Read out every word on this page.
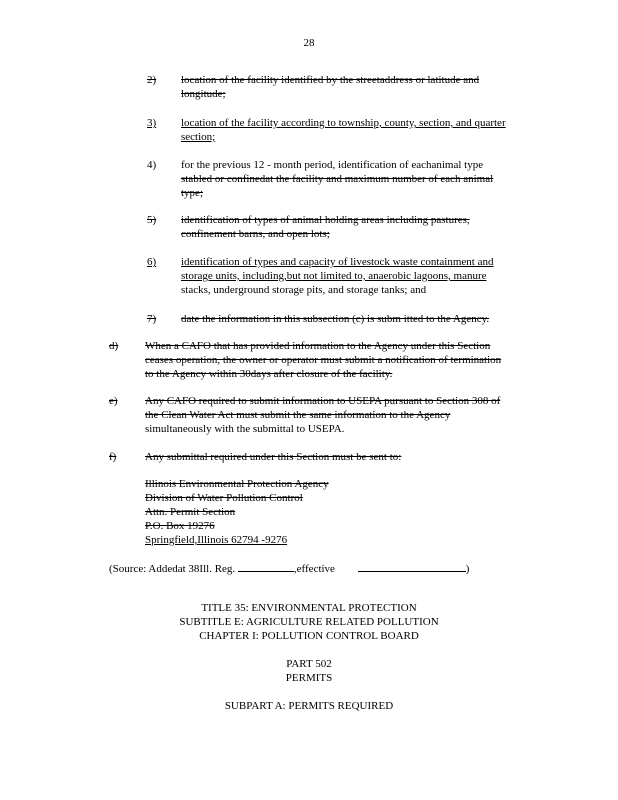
28
2)	location of the facility identified by the streetaddress or latitude and
longitude;
3)	location of the facility according to township, county, section, and quarter
section;
4)	for the previous 12 - month period, identification of eachanimal type
stabled or confinedat the facility and maximum number of each animal
type;
5)	identification of types of animal holding areas including pastures,
confinement barns, and open lots;
6)	identification of types and capacity of livestock waste containment and
storage units, including,but not limited to, anaerobic lagoons, manure
stacks, underground storage pits, and storage tanks; and
7)	date the information in this subsection (c) is subm itted to the Agency.
d)	When a CAFO that has provided information to the Agency under this Section
ceases operation, the owner or operator must submit a notification of termination
to the Agency within 30days after closure of the facility.
e)	Any CAFO required to submit information to USEPA pursuant to Section 308 of
the Clean Water Act must submit the same information to the Agency
simultaneously with the submittal to USEPA.
f)	Any submittal required under this Section must be sent to:
Illinois Environmental Protection Agency
Division of Water Pollution Control
Attn. Permit Section
P.O. Box 19276
Springfield,Illinois 62794 -9276
(Source: Addedat 38Ill. Reg.	,effective	)
TITLE 35: ENVIRONMENTAL PROTECTION
SUBTITLE E: AGRICULTURE RELATED POLLUTION
CHAPTER I: POLLUTION CONTROL BOARD
PART 502
PERMITS
SUBPART A: PERMITS REQUIRED
